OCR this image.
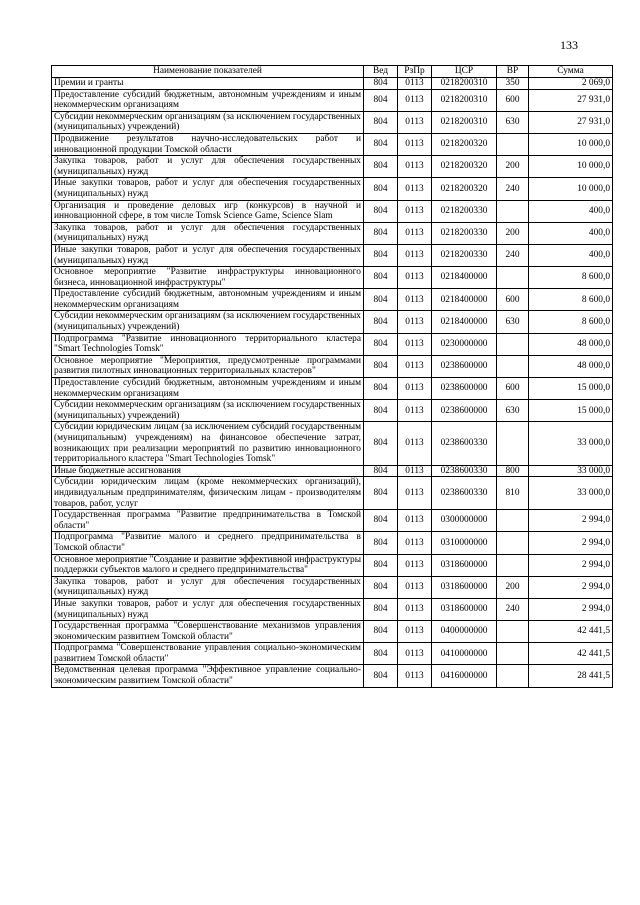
133
Наименование показателей	Вед	РзПр	ЦСР	ВР	Сумма
Премии и гранты	804	0113	0218200310	350	2 069,0
Предоставление субсидий бюджетным, автономным учреждениям и иным некоммерческим организациям	804	0113	0218200310	600	27 931,0
Субсидии некоммерческим организациям (за исключением государственных (муниципальных) учреждений)	804	0113	0218200310	630	27 931,0
Продвижение результатов научно-исследовательских работ и инновационной продукции Томской области	804	0113	0218200320		10 000,0
Закупка товаров, работ и услуг для обеспечения государственных (муниципальных) нужд	804	0113	0218200320	200	10 000,0
Иные закупки товаров, работ и услуг для обеспечения государственных (муниципальных) нужд	804	0113	0218200320	240	10 000,0
Организация и проведение деловых игр (конкурсов) в научной и инновационной сфере, в том числе Tomsk Science Game, Science Slam	804	0113	0218200330		400,0
Закупка товаров, работ и услуг для обеспечения государственных (муниципальных) нужд	804	0113	0218200330	200	400,0
Иные закупки товаров, работ и услуг для обеспечения государственных (муниципальных) нужд	804	0113	0218200330	240	400,0
Основное мероприятие "Развитие инфраструктуры инновационного бизнеса, инновационной инфраструктуры"	804	0113	0218400000		8 600,0
Предоставление субсидий бюджетным, автономным учреждениям и иным некоммерческим организациям	804	0113	0218400000	600	8 600,0
Субсидии некоммерческим организациям (за исключением государственных (муниципальных) учреждений)	804	0113	0218400000	630	8 600,0
Подпрограмма "Развитие инновационного территориального кластера "Smart Technologies Tomsk"	804	0113	0230000000		48 000,0
Основное мероприятие "Мероприятия, предусмотренные программами развития пилотных инновационных территориальных кластеров"	804	0113	0238600000		48 000,0
Предоставление субсидий бюджетным, автономным учреждениям и иным некоммерческим организациям	804	0113	0238600000	600	15 000,0
Субсидии некоммерческим организациям (за исключением государственных (муниципальных) учреждений)	804	0113	0238600000	630	15 000,0
Субсидии юридическим лицам (за исключением субсидий государственным (муниципальным) учреждениям) на финансовое обеспечение затрат, возникающих при реализации мероприятий по развитию инновационного территориального кластера "Smart Technologies Tomsk"	804	0113	0238600330		33 000,0
Иные бюджетные ассигнования	804	0113	0238600330	800	33 000,0
Субсидии юридическим лицам (кроме некоммерческих организаций), индивидуальным предпринимателям, физическим лицам - производителям товаров, работ, услуг	804	0113	0238600330	810	33 000,0
Государственная программа "Развитие предпринимательства в Томской области"	804	0113	0300000000		2 994,0
Подпрограмма "Развитие малого и среднего предпринимательства в Томской области"	804	0113	0310000000		2 994,0
Основное мероприятие "Создание и развитие эффективной инфраструктуры поддержки субъектов малого и среднего предпринимательства"	804	0113	0318600000		2 994,0
Закупка товаров, работ и услуг для обеспечения государственных (муниципальных) нужд	804	0113	0318600000	200	2 994,0
Иные закупки товаров, работ и услуг для обеспечения государственных (муниципальных) нужд	804	0113	0318600000	240	2 994,0
Государственная программа "Совершенствование механизмов управления экономическим развитием Томской области"	804	0113	0400000000		42 441,5
Подпрограмма "Совершенствование управления социально-экономическим развитием Томской области"	804	0113	0410000000		42 441,5
Ведомственная целевая программа "Эффективное управление социально-экономическим развитием Томской области"	804	0113	0416000000		28 441,5
